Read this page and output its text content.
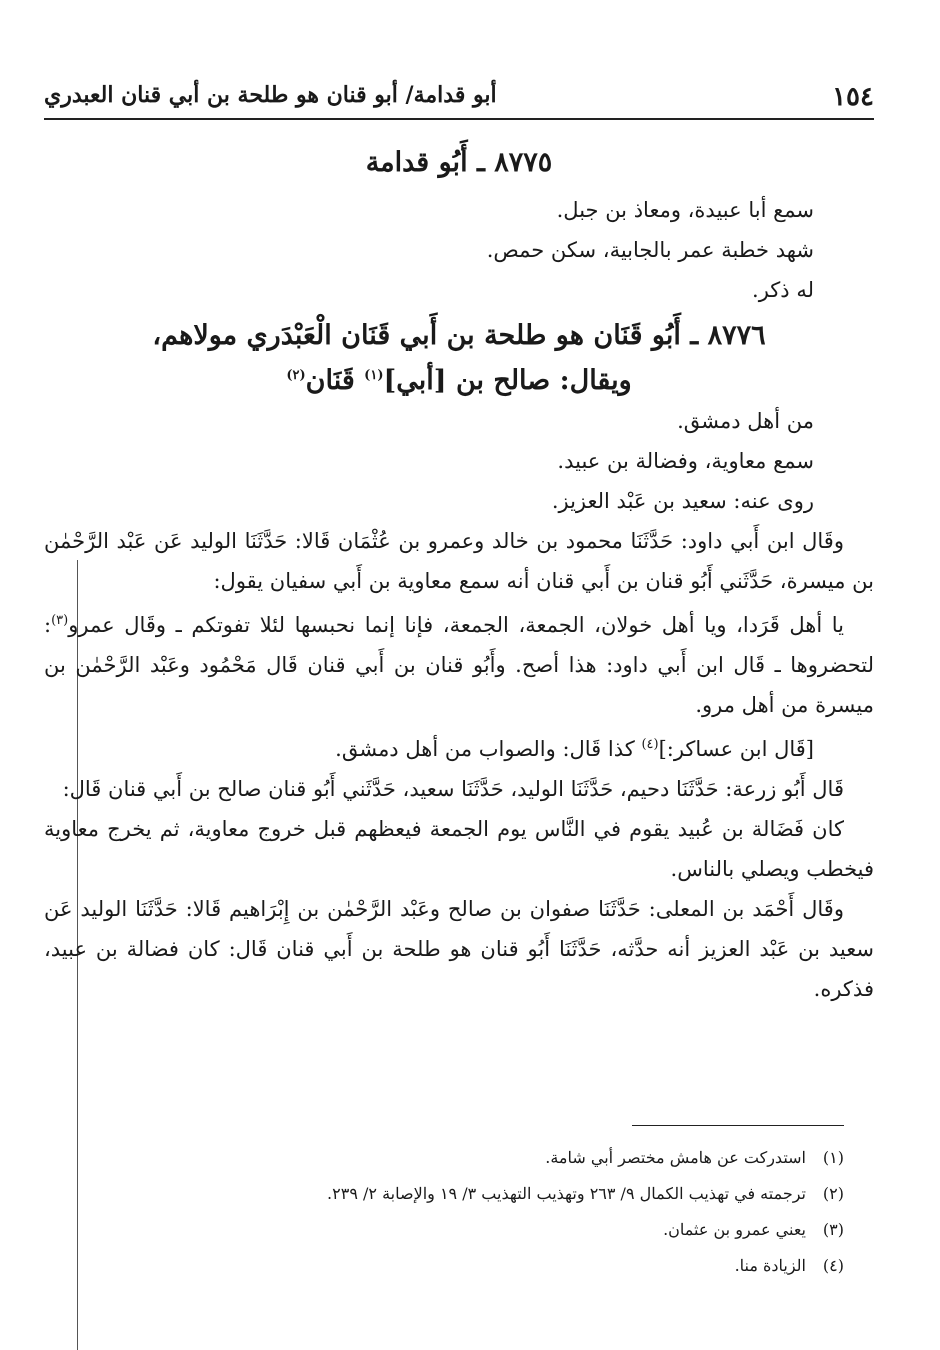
١٥٤
أبو قدامة/ أبو قنان هو طلحة بن أبي قنان العبدري

٨٧٧٥ ـ أَبُو قدامة

سمع أبا عبيدة، ومعاذ بن جبل.

شهد خطبة عمر بالجابية، سكن حمص.

له ذكر.

٨٧٧٦ ـ أَبُو قَنَان هو طلحة بن أَبي قَنَان الْعَبْدَري مولاهم،
ويقال: صالح بن [أبي]$^{(١)}$ قَنَان$^{(٢)}$

من أهل دمشق.

سمع معاوية، وفضالة بن عبيد.

روى عنه: سعيد بن عَبْد العزيز.

وقَال ابن أَبي داود: حَدَّثَنَا محمود بن خالد وعمرو بن عُثْمَان قَالا: حَدَّثَنَا الوليد عَن عَبْد الرَّحْمٰن بن ميسرة، حَدَّثَني أَبُو قنان بن أَبي قنان أنه سمع معاوية بن أَبي سفيان يقول:

يا أهل قَرَدا، ويا أهل خولان، الجمعة، الجمعة، فإنا إنما نحبسها لئلا تفوتكم ـ وقَال عمرو$^{(٣)}$: لتحضروها ـ قَال ابن أَبي داود: هذا أصح. وأَبُو قنان بن أَبي قنان قَال مَحْمُود وعَبْد الرَّحْمٰن بن ميسرة من أهل مرو.

[قَال ابن عساكر:]$^{(٤)}$ كذا قَال: والصواب من أهل دمشق.

قَال أَبُو زرعة: حَدَّثَنَا دحيم، حَدَّثَنَا الوليد، حَدَّثَنَا سعيد، حَدَّثَني أَبُو قنان صالح بن أَبي قنان قَال:

كان فَضَالة بن عُبيد يقوم في النَّاس يوم الجمعة فيعظهم قبل خروج معاوية، ثم يخرج معاوية فيخطب ويصلي بالناس.

وقَال أَحْمَد بن المعلى: حَدَّثَنَا صفوان بن صالح وعَبْد الرَّحْمٰن بن إِبْرَاهيم قَالا: حَدَّثَنَا الوليد عَن سعيد بن عَبْد العزيز أنه حدَّثه، حَدَّثَنَا أَبُو قنان هو طلحة بن أَبي قنان قَال: كان فضالة بن عبيد، فذكره.

(١)استدركت عن هامش مختصر أبي شامة.
(٢)ترجمته في تهذيب الكمال ٩/ ٢٦٣ وتهذيب التهذيب ٣/ ١٩ والإصابة ٢/ ٢٣٩.
(٣)يعني عمرو بن عثمان.
(٤)الزيادة منا.
